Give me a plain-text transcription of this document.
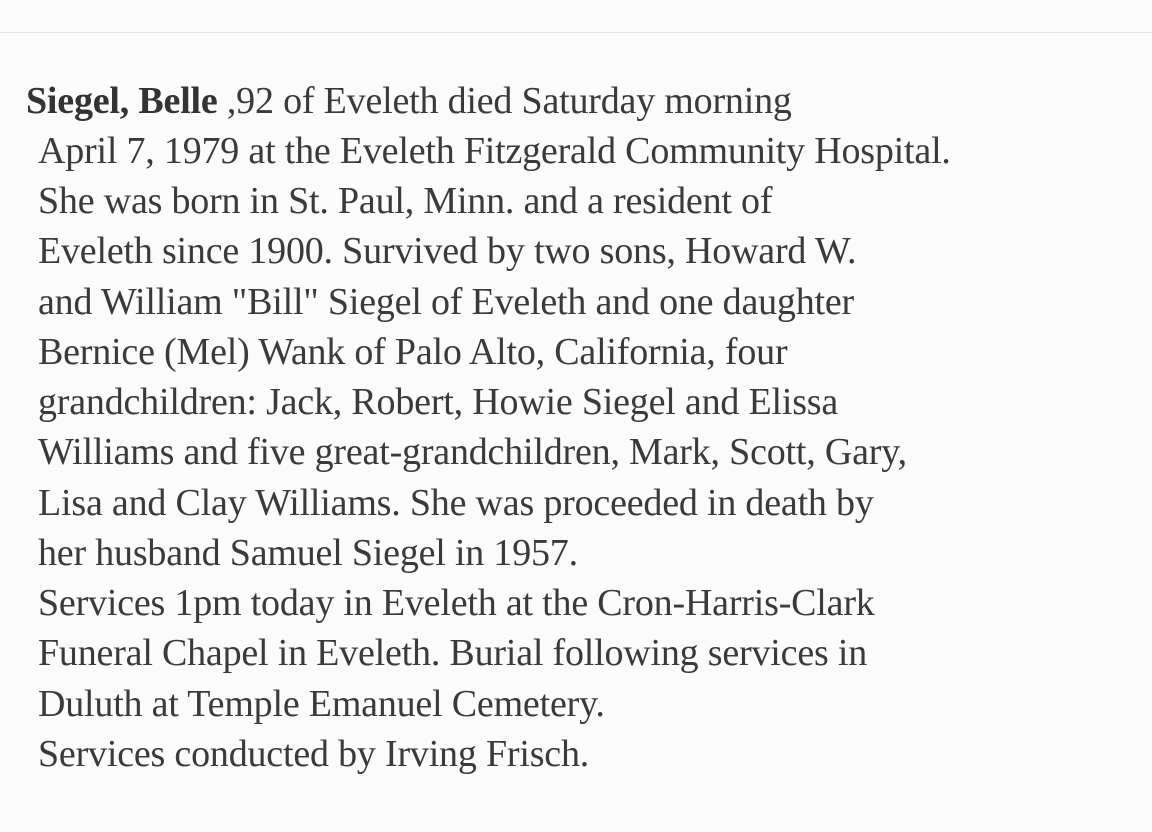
Siegel, Belle ,92 of Eveleth died Saturday morning
April 7, 1979 at the Eveleth Fitzgerald Community Hospital.
She was born in St. Paul, Minn. and a resident of
Eveleth since 1900. Survived by two sons, Howard W.
and William "Bill" Siegel of Eveleth and one daughter
Bernice (Mel) Wank of Palo Alto, California, four
grandchildren: Jack, Robert, Howie Siegel and Elissa
Williams and five great-grandchildren, Mark, Scott, Gary,
Lisa and Clay Williams. She was proceeded in death by
her husband Samuel Siegel in 1957.
Services 1pm today in Eveleth at the Cron-Harris-Clark
Funeral Chapel in Eveleth. Burial following services in
Duluth at Temple Emanuel Cemetery.
Services conducted by Irving Frisch.
